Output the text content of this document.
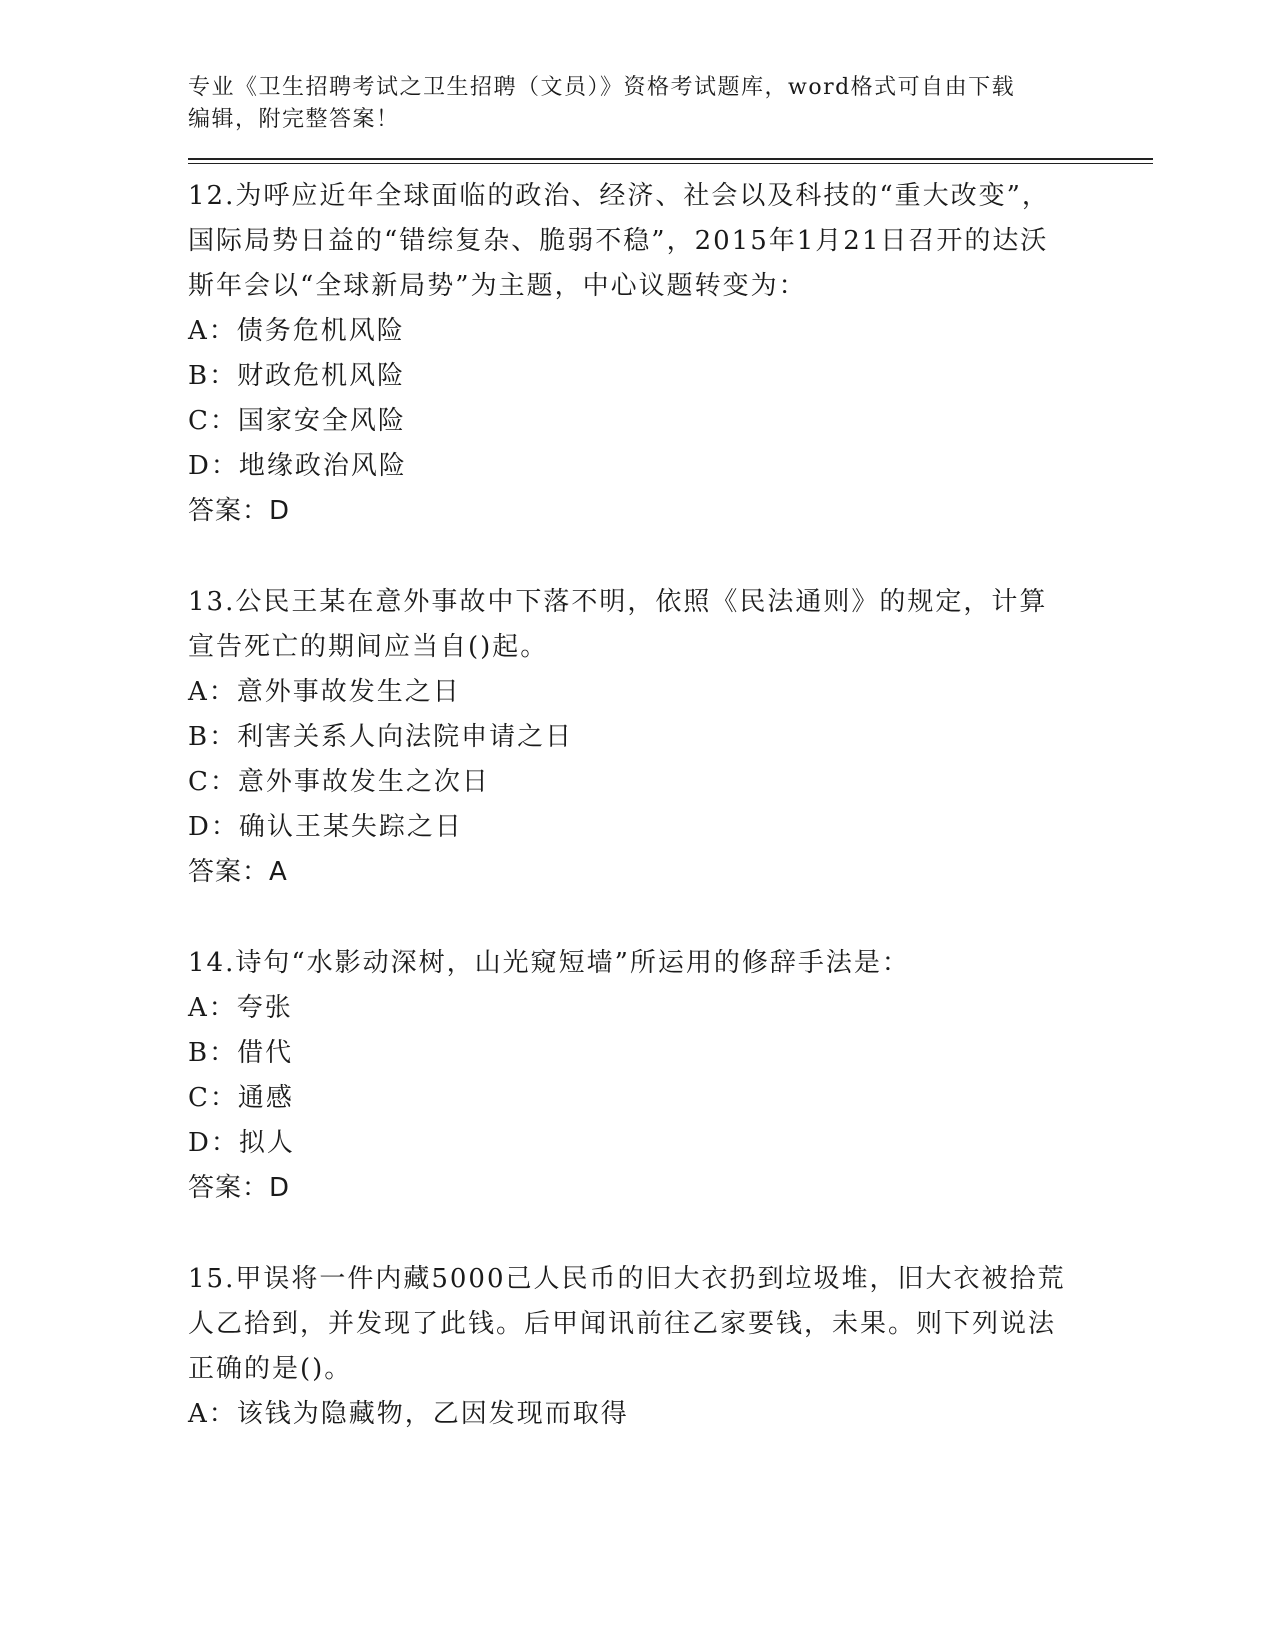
专业《卫生招聘考试之卫生招聘（文员）》资格考试题库，word格式可自由下载
编辑，附完整答案！
12.为呼应近年全球面临的政治、经济、社会以及科技的“重大改变”，国际局势日益的“错综复杂、脆弱不稳”，2015年1月21日召开的达沃斯年会以“全球新局势”为主题，中心议题转变为：
A：债务危机风险
B：财政危机风险
C：国家安全风险
D：地缘政治风险
答案：D
13.公民王某在意外事故中下落不明，依照《民法通则》的规定，计算宣告死亡的期间应当自()起。
A：意外事故发生之日
B：利害关系人向法院申请之日
C：意外事故发生之次日
D：确认王某失踪之日
答案：A
14.诗句“水影动深树，山光窥短墙”所运用的修辞手法是：
A：夸张
B：借代
C：通感
D：拟人
答案：D
15.甲误将一件内藏5000己人民币的旧大衣扔到垃圾堆，旧大衣被拾荒人乙拾到，并发现了此钱。后甲闻讯前往乙家要钱，未果。则下列说法正确的是()。
A：该钱为隐藏物，乙因发现而取得
